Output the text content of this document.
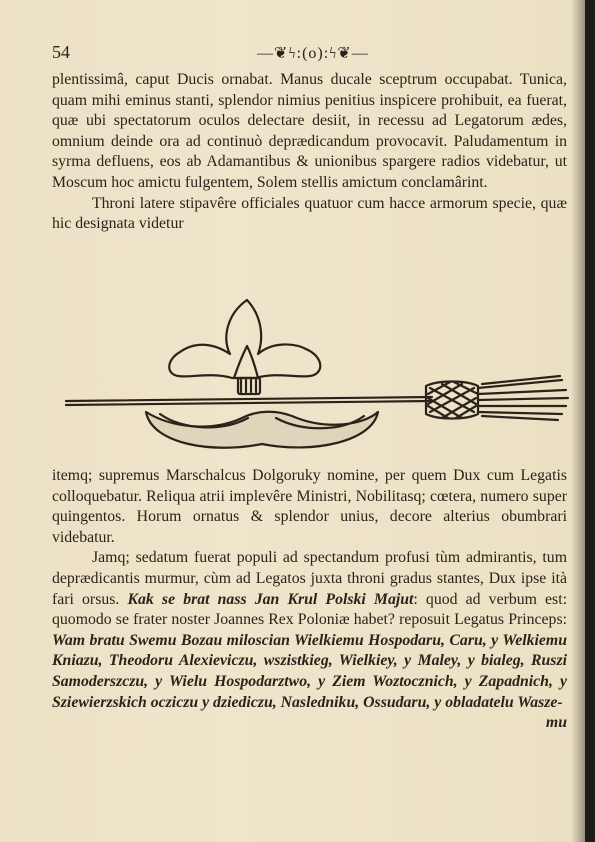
54	—❦ϟ:(o):ϟ❦—

plentissimâ, caput Ducis ornabat. Manus ducale sceptrum occupabat. Tunica, quam mihi eminus stanti, splendor nimius penitius inspicere prohibuit, ea fuerat, quæ ubi spectatorum oculos delectare desiit, in recessu ad Legatorum ædes, omnium deinde ora ad continuò deprædicandum provocavit. Paludamentum in syrma defluens, eos ab Adamantibus & unionibus spargere radios videbatur, ut Moscum hoc amictu fulgentem, Solem stellis amictum conclamârint.

Throni latere stipavêre officiales quatuor cum hacce armorum specie, quæ hic designata videtur

itemq; supremus Marschalcus Dolgoruky nomine, per quem Dux cum Legatis colloquebatur. Reliqua atrii implevêre Ministri, Nobilitasq; cœtera, numero super quingentos. Horum ornatus & splendor unius, decore alterius obumbrari videbatur.

Jamq; sedatum fuerat populi ad spectandum profusi tùm admirantis, tum deprædicantis murmur, cùm ad Legatos juxta throni gradus stantes, Dux ipse ità fari orsus. Kak se brat nass Jan Krul Polski Majut: quod ad verbum est: quomodo se frater noster Joannes Rex Poloniæ habet? reposuit Legatus Princeps: Wam bratu Swemu Bozau miloscian Wielkiemu Hospodaru, Caru, y Welkiemu Kniazu, Theodoru Alexieviczu, wszistkieg, Wielkiey, y Maley, y bialeg, Ruszi Samoderszczu, y Wielu Hospodarztwo, y Ziem Woztocznich, y Zapadnich, y Sziewierzskich ocziczu y dziediczu, Nasledniku, Ossudaru, y obladatelu Wasze-

mu
